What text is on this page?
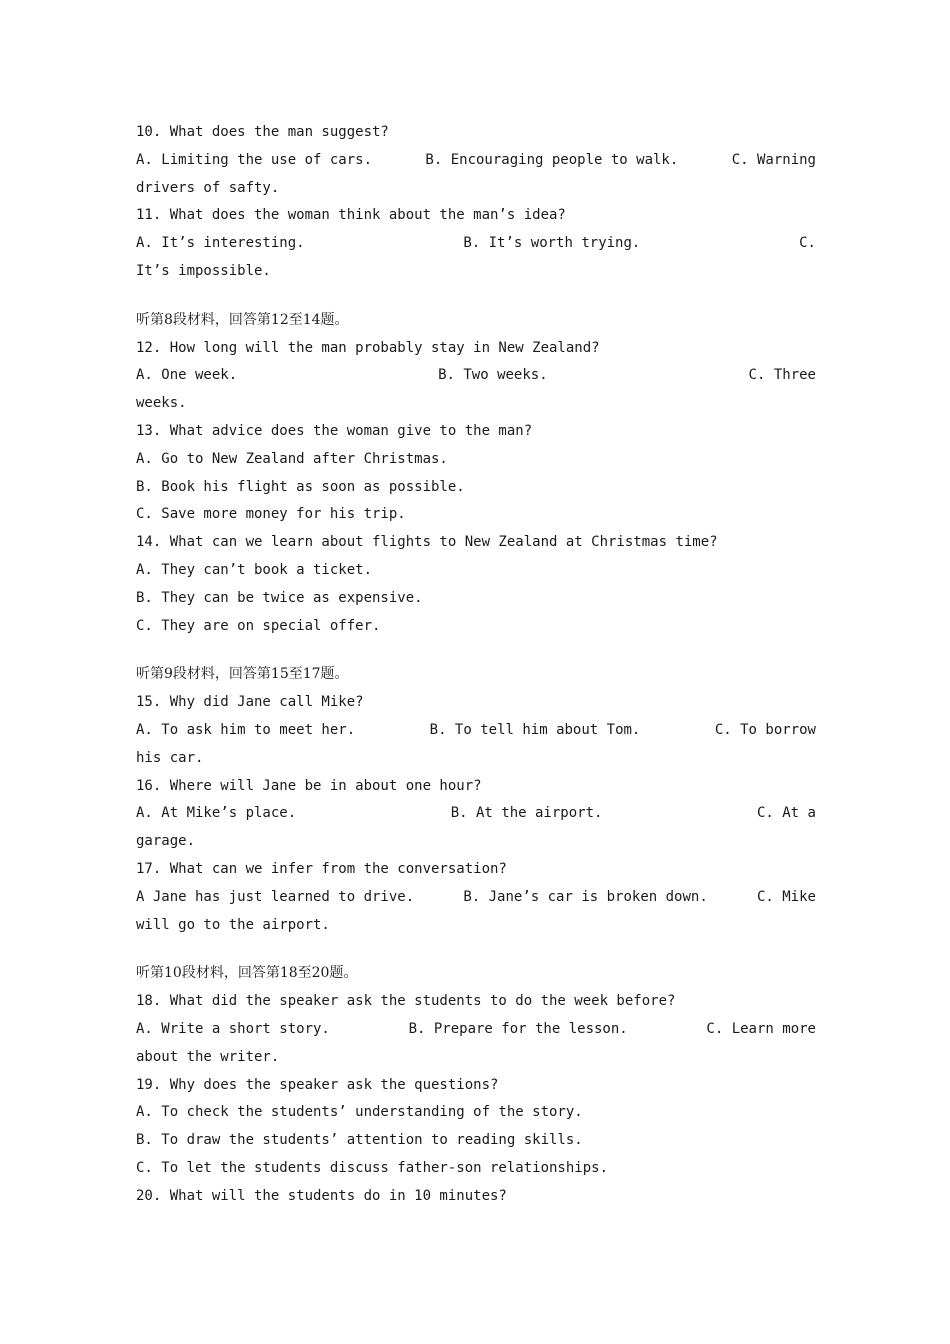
10. What does the man suggest?
A. Limiting the use of cars.	B. Encouraging people to walk.	C. Warning
drivers of safty.
11. What does the woman think about the man’s idea?
A. It’s interesting.	B. It’s worth trying.	C.
It’s impossible.
听第8段材料，回答第12至14题。
12. How long will the man probably stay in New Zealand?
A. One week.	B. Two weeks.	C. Three
weeks.
13. What advice does the woman give to the man?
A. Go to New Zealand after Christmas.
B. Book his flight as soon as possible.
C. Save more money for his trip.
14. What can we learn about flights to New Zealand at Christmas time?
A. They can’t book a ticket.
B. They can be twice as expensive.
C. They are on special offer.
听第9段材料，回答第15至17题。
15. Why did Jane call Mike?
A. To ask him to meet her.	B. To tell him about Tom.	C. To borrow
his car.
16. Where will Jane be in about one hour?
A. At Mike’s place.	B. At the airport.	C. At a
garage.
17. What can we infer from the conversation?
A Jane has just learned to drive.	B. Jane’s car is broken down.	C. Mike
will go to the airport.
听第10段材料，回答第18至20题。
18. What did the speaker ask the students to do the week before?
A. Write a short story.	B. Prepare for the lesson.	C. Learn more
about the writer.
19. Why does the speaker ask the questions?
A. To check the students’ understanding of the story.
B. To draw the students’ attention to reading skills.
C. To let the students discuss father-son relationships.
20. What will the students do in 10 minutes?
